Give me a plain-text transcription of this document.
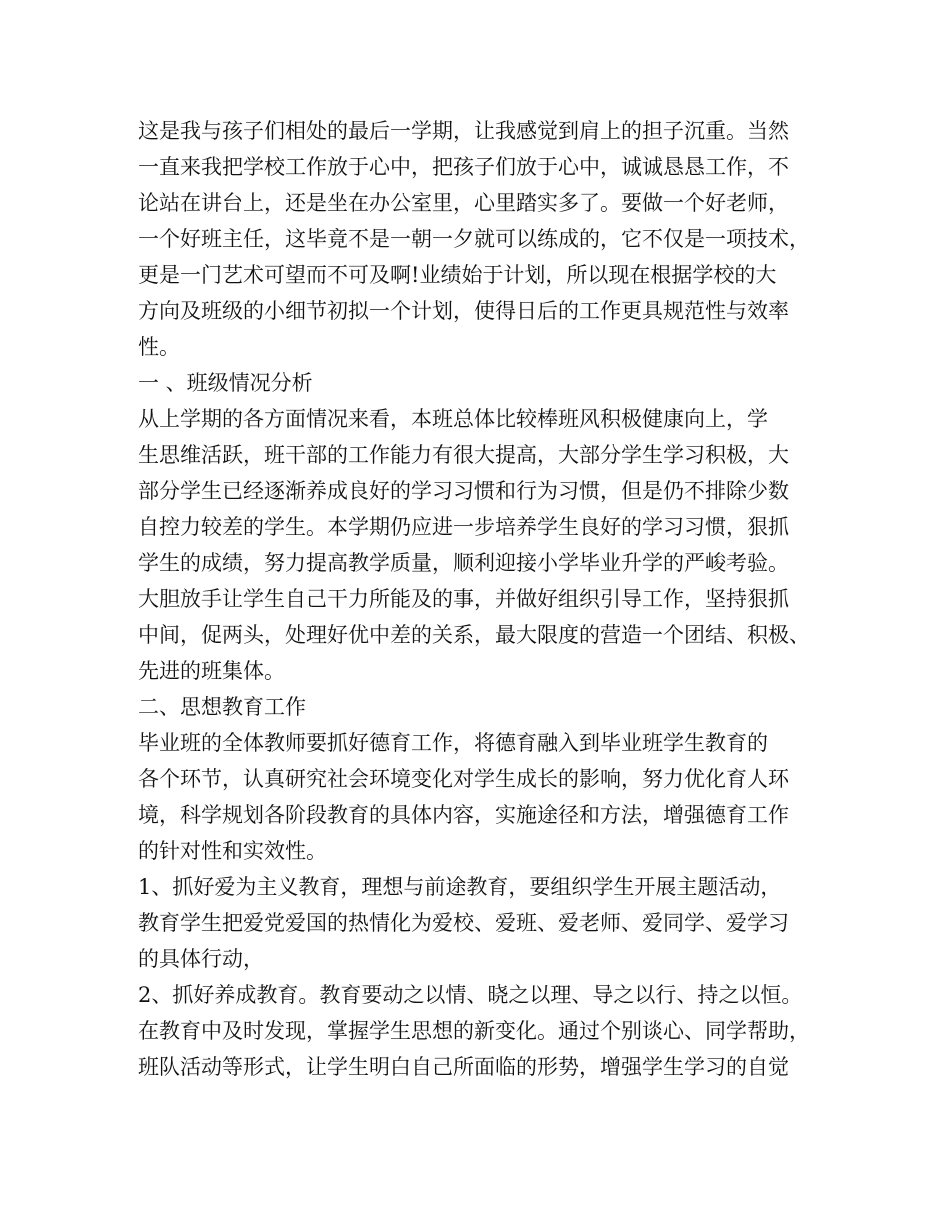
这是我与孩子们相处的最后一学期，让我感觉到肩上的担子沉重。当然
一直来我把学校工作放于心中，把孩子们放于心中，诚诚恳恳工作，不
论站在讲台上，还是坐在办公室里，心里踏实多了。要做一个好老师，
一个好班主任，这毕竟不是一朝一夕就可以练成的，它不仅是一项技术，
更是一门艺术可望而不可及啊!业绩始于计划，所以现在根据学校的大
方向及班级的小细节初拟一个计划，使得日后的工作更具规范性与效率
性。
一 、班级情况分析
从上学期的各方面情况来看，本班总体比较棒班风积极健康向上，学
生思维活跃，班干部的工作能力有很大提高，大部分学生学习积极，大
部分学生已经逐渐养成良好的学习习惯和行为习惯，但是仍不排除少数
自控力较差的学生。本学期仍应进一步培养学生良好的学习习惯，狠抓
学生的成绩，努力提高教学质量，顺利迎接小学毕业升学的严峻考验。
大胆放手让学生自己干力所能及的事，并做好组织引导工作，坚持狠抓
中间，促两头，处理好优中差的关系，最大限度的营造一个团结、积极、
先进的班集体。
二、思想教育工作
毕业班的全体教师要抓好德育工作，将德育融入到毕业班学生教育的
各个环节，认真研究社会环境变化对学生成长的影响，努力优化育人环
境，科学规划各阶段教育的具体内容，实施途径和方法，增强德育工作
的针对性和实效性。
1、抓好爱为主义教育，理想与前途教育，要组织学生开展主题活动，
教育学生把爱党爱国的热情化为爱校、爱班、爱老师、爱同学、爱学习
的具体行动，
2、抓好养成教育。教育要动之以情、晓之以理、导之以行、持之以恒。
在教育中及时发现，掌握学生思想的新变化。通过个别谈心、同学帮助，
班队活动等形式，让学生明白自己所面临的形势，增强学生学习的自觉
